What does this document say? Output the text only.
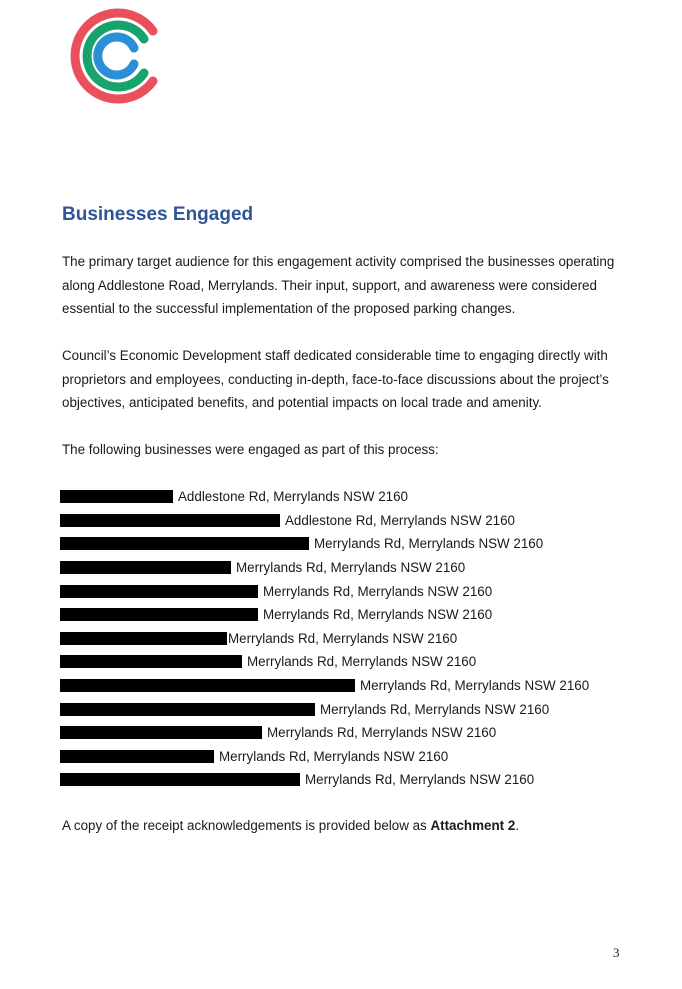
Businesses Engaged

The primary target audience for this engagement activity comprised the businesses operating along Addlestone Road, Merrylands. Their input, support, and awareness were considered essential to the successful implementation of the proposed parking changes.

Council’s Economic Development staff dedicated considerable time to engaging directly with proprietors and employees, conducting in-depth, face-to-face discussions about the project’s objectives, anticipated benefits, and potential impacts on local trade and amenity.

The following businesses were engaged as part of this process:

Addlestone Rd, Merrylands NSW 2160
Addlestone Rd, Merrylands NSW 2160
Merrylands Rd, Merrylands NSW 2160
Merrylands Rd, Merrylands NSW 2160
Merrylands Rd, Merrylands NSW 2160
Merrylands Rd, Merrylands NSW 2160
Merrylands Rd, Merrylands NSW 2160
Merrylands Rd, Merrylands NSW 2160
Merrylands Rd, Merrylands NSW 2160
Merrylands Rd, Merrylands NSW 2160
Merrylands Rd, Merrylands NSW 2160
Merrylands Rd, Merrylands NSW 2160
Merrylands Rd, Merrylands NSW 2160

A copy of the receipt acknowledgements is provided below as Attachment 2.

3
